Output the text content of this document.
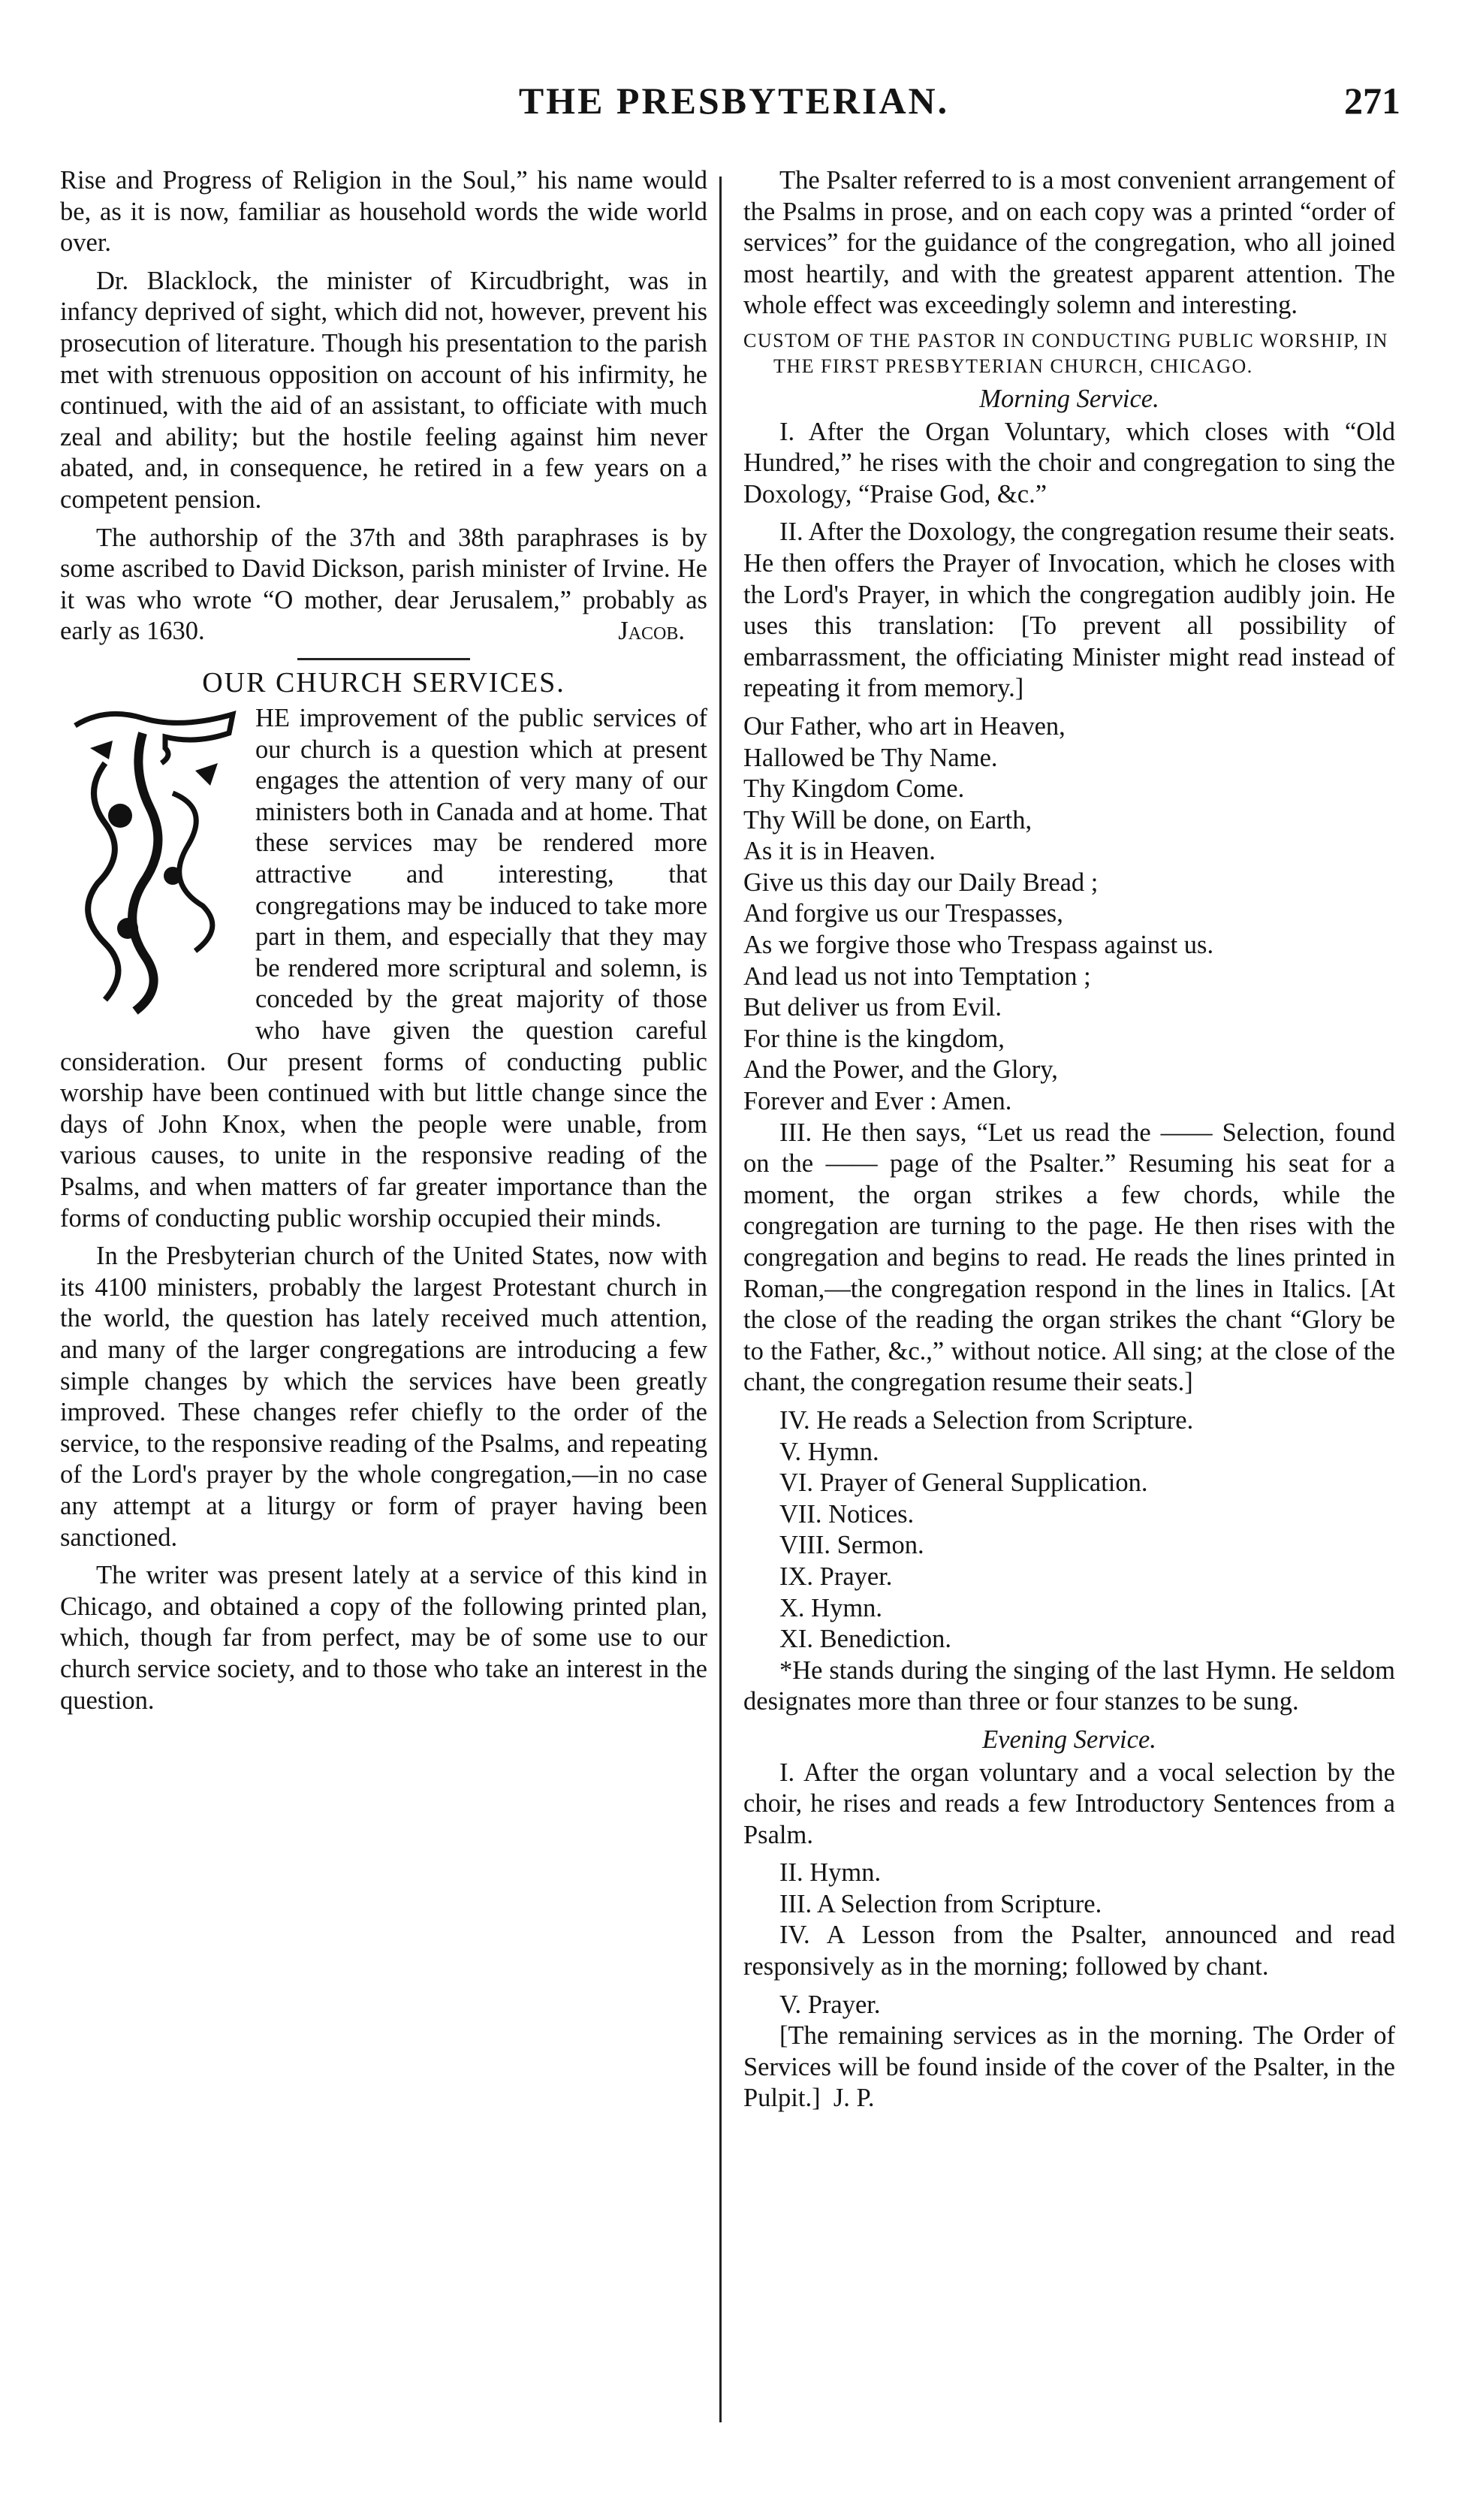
THE PRESBYTERIAN.	271

Rise and Progress of Religion in the Soul,” his name would be, as it is now, familiar as household words the wide world over.

Dr. Blacklock, the minister of Kircudbright, was in infancy deprived of sight, which did not, however, prevent his prosecution of literature. Though his presentation to the parish met with strenuous opposition on account of his infirmity, he continued, with the aid of an assistant, to officiate with much zeal and ability; but the hostile feeling against him never abated, and, in consequence, he retired in a few years on a competent pension.

The authorship of the 37th and 38th paraphrases is by some ascribed to David Dickson, parish minister of Irvine. He it was who wrote “O mother, dear Jerusalem,” probably as early as 1630.	Jacob.
OUR CHURCH SERVICES.

HE improvement of the public services of our church is a question which at present engages the attention of very many of our ministers both in Canada and at home. That these services may be rendered more attractive and interesting, that congregations may be induced to take more part in them, and especially that they may be rendered more scriptural and solemn, is conceded by the great majority of those who have given the question careful consideration. Our present forms of conducting public worship have been continued with but little change since the days of John Knox, when the people were unable, from various causes, to unite in the responsive reading of the Psalms, and when matters of far greater importance than the forms of conducting public worship occupied their minds.

In the Presbyterian church of the United States, now with its 4100 ministers, probably the largest Protestant church in the world, the question has lately received much attention, and many of the larger congregations are introducing a few simple changes by which the services have been greatly improved. These changes refer chiefly to the order of the service, to the responsive reading of the Psalms, and repeating of the Lord's prayer by the whole congregation,—in no case any attempt at a liturgy or form of prayer having been sanctioned.

The writer was present lately at a service of this kind in Chicago, and obtained a copy of the following printed plan, which, though far from perfect, may be of some use to our church service society, and to those who take an interest in the question.

The Psalter referred to is a most convenient arrangement of the Psalms in prose, and on each copy was a printed “order of services” for the guidance of the congregation, who all joined most heartily, and with the greatest apparent attention. The whole effect was exceedingly solemn and interesting.

CUSTOM OF THE PASTOR IN CONDUCTING PUBLIC WORSHIP, IN THE FIRST PRESBYTERIAN CHURCH, CHICAGO.
Morning Service.

I. After the Organ Voluntary, which closes with “Old Hundred,” he rises with the choir and congregation to sing the Doxology, “Praise God, &c.”

II. After the Doxology, the congregation resume their seats. He then offers the Prayer of Invocation, which he closes with the Lord's Prayer, in which the congregation audibly join. He uses this translation: [To prevent all possibility of embarrassment, the officiating Minister might read instead of repeating it from memory.]

Our Father, who art in Heaven,
Hallowed be Thy Name.
Thy Kingdom Come.
Thy Will be done, on Earth,
As it is in Heaven.
Give us this day our Daily Bread ;
And forgive us our Trespasses,
As we forgive those who Trespass against us.
And lead us not into Temptation ;
But deliver us from Evil.
For thine is the kingdom,
And the Power, and the Glory,
Forever and Ever : Amen.

III. He then says, “Let us read the —— Selection, found on the —— page of the Psalter.” Resuming his seat for a moment, the organ strikes a few chords, while the congregation are turning to the page. He then rises with the congregation and begins to read. He reads the lines printed in Roman,—the congregation respond in the lines in Italics. [At the close of the reading the organ strikes the chant “Glory be to the Father, &c.,” without notice. All sing; at the close of the chant, the congregation resume their seats.]

IV. He reads a Selection from Scripture.
V. Hymn.
VI. Prayer of General Supplication.
VII. Notices.
VIII. Sermon.
IX. Prayer.
X. Hymn.
XI. Benediction.

*He stands during the singing of the last Hymn. He seldom designates more than three or four stanzes to be sung.

Evening Service.

I. After the organ voluntary and a vocal selection by the choir, he rises and reads a few Introductory Sentences from a Psalm.

II. Hymn.

III. A Selection from Scripture.

IV. A Lesson from the Psalter, announced and read responsively as in the morning; followed by chant.

V. Prayer.

[The remaining services as in the morning. The Order of Services will be found inside of the cover of the Psalter, in the Pulpit.] J. P.
